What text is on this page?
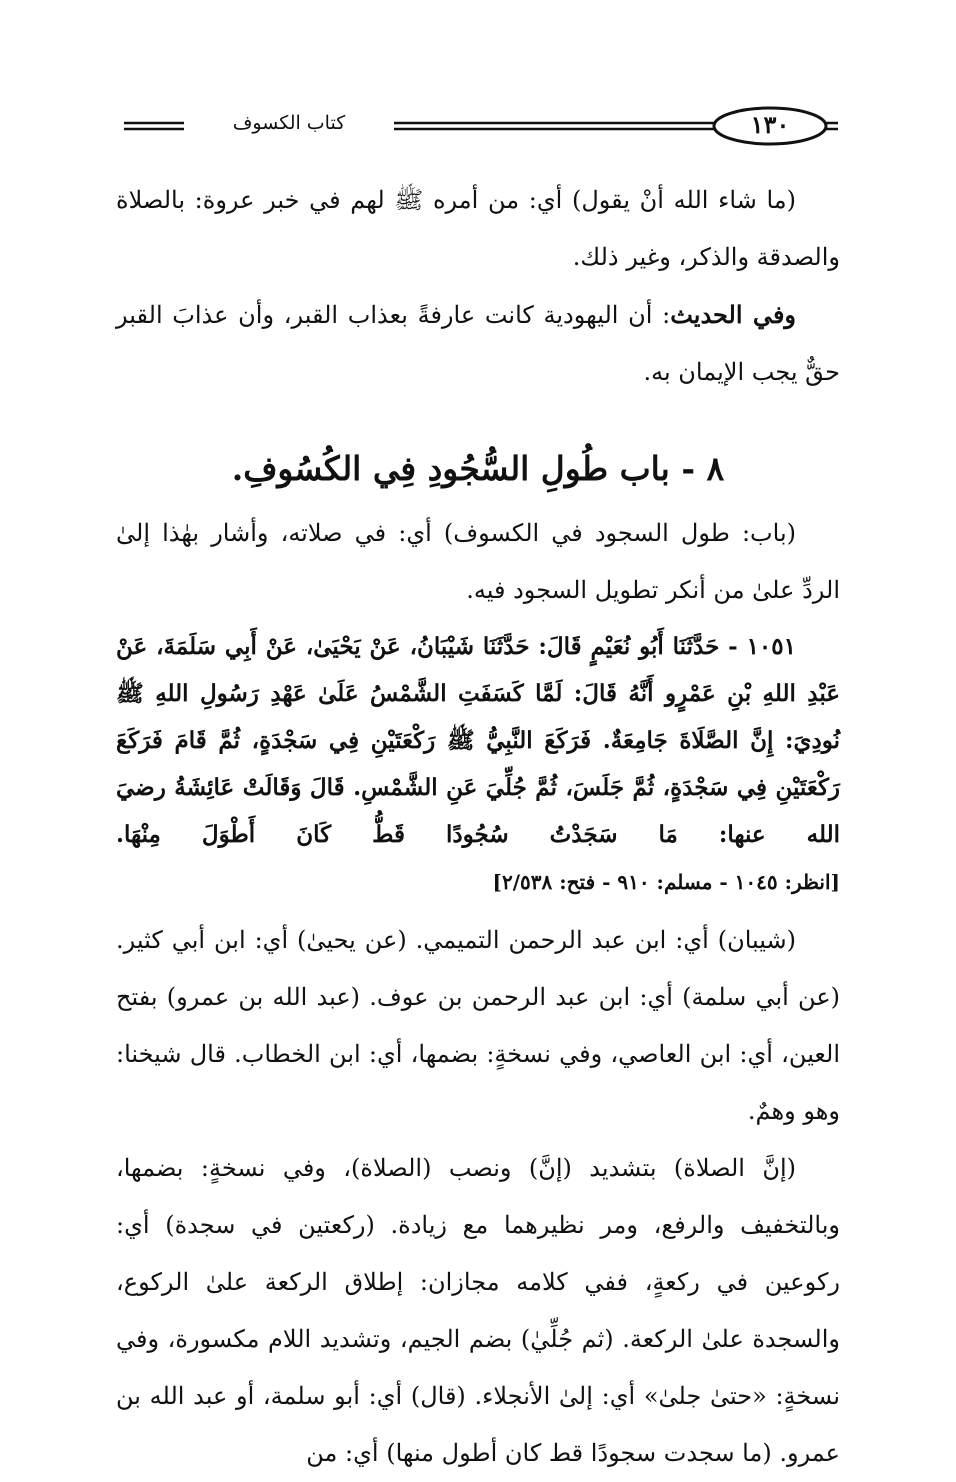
كتاب الكسوف	١٣٠

(ما شاء الله أنْ يقول) أي: من أمره ﷺ لهم في خبر عروة: بالصلاة والصدقة والذكر، وغير ذلك.

وفي الحديث: أن اليهودية كانت عارفةً بعذاب القبر، وأن عذابَ القبر حقٌّ يجب الإيمان به.

٨ - باب طُولِ السُّجُودِ فِي الكُسُوفِ.

(باب: طول السجود في الكسوف) أي: في صلاته، وأشار بهٰذا إلىٰ الردِّ علىٰ من أنكر تطويل السجود فيه.

١٠٥١ - حَدَّثَنَا أَبُو نُعَيْمٍ قَالَ: حَدَّثَنَا شَيْبَانُ، عَنْ يَحْيَىٰ، عَنْ أَبِي سَلَمَةَ، عَنْ عَبْدِ اللهِ بْنِ عَمْرٍو أَنَّهُ قَالَ: لَمَّا كَسَفَتِ الشَّمْسُ عَلَىٰ عَهْدِ رَسُولِ اللهِ ﷺ نُودِيَ: إِنَّ الصَّلَاةَ جَامِعَةٌ. فَرَكَعَ النَّبِيُّ ﷺ رَكْعَتَيْنِ فِي سَجْدَةٍ، ثُمَّ قَامَ فَرَكَعَ رَكْعَتَيْنِ فِي سَجْدَةٍ، ثُمَّ جَلَسَ، ثُمَّ جُلِّيَ عَنِ الشَّمْسِ. قَالَ وَقَالَتْ عَائِشَةُ رضيَ الله عنها: مَا سَجَدْتُ سُجُودًا قَطُّ كَانَ أَطْوَلَ مِنْهَا. [انظر: ١٠٤٥ - مسلم: ٩١٠ - فتح: ٢/٥٣٨]

(شيبان) أي: ابن عبد الرحمن التميمي. (عن يحيىٰ) أي: ابن أبي كثير. (عن أبي سلمة) أي: ابن عبد الرحمن بن عوف. (عبد الله بن عمرو) بفتح العين، أي: ابن العاصي، وفي نسخةٍ: بضمها، أي: ابن الخطاب. قال شيخنا: وهو وهمٌ.

(إنَّ الصلاة) بتشديد (إنَّ) ونصب (الصلاة)، وفي نسخةٍ: بضمها، وبالتخفيف والرفع، ومر نظيرهما مع زيادة. (ركعتين في سجدة) أي: ركوعين في ركعةٍ، ففي كلامه مجازان: إطلاق الركعة علىٰ الركوع، والسجدة علىٰ الركعة. (ثم جُلِّيٰ) بضم الجيم، وتشديد اللام مكسورة، وفي نسخةٍ: «حتىٰ جلىٰ» أي: إلىٰ الأنجلاء. (قال) أي: أبو سلمة، أو عبد الله بن عمرو. (ما سجدت سجودًا قط كان أطول منها) أي: من
